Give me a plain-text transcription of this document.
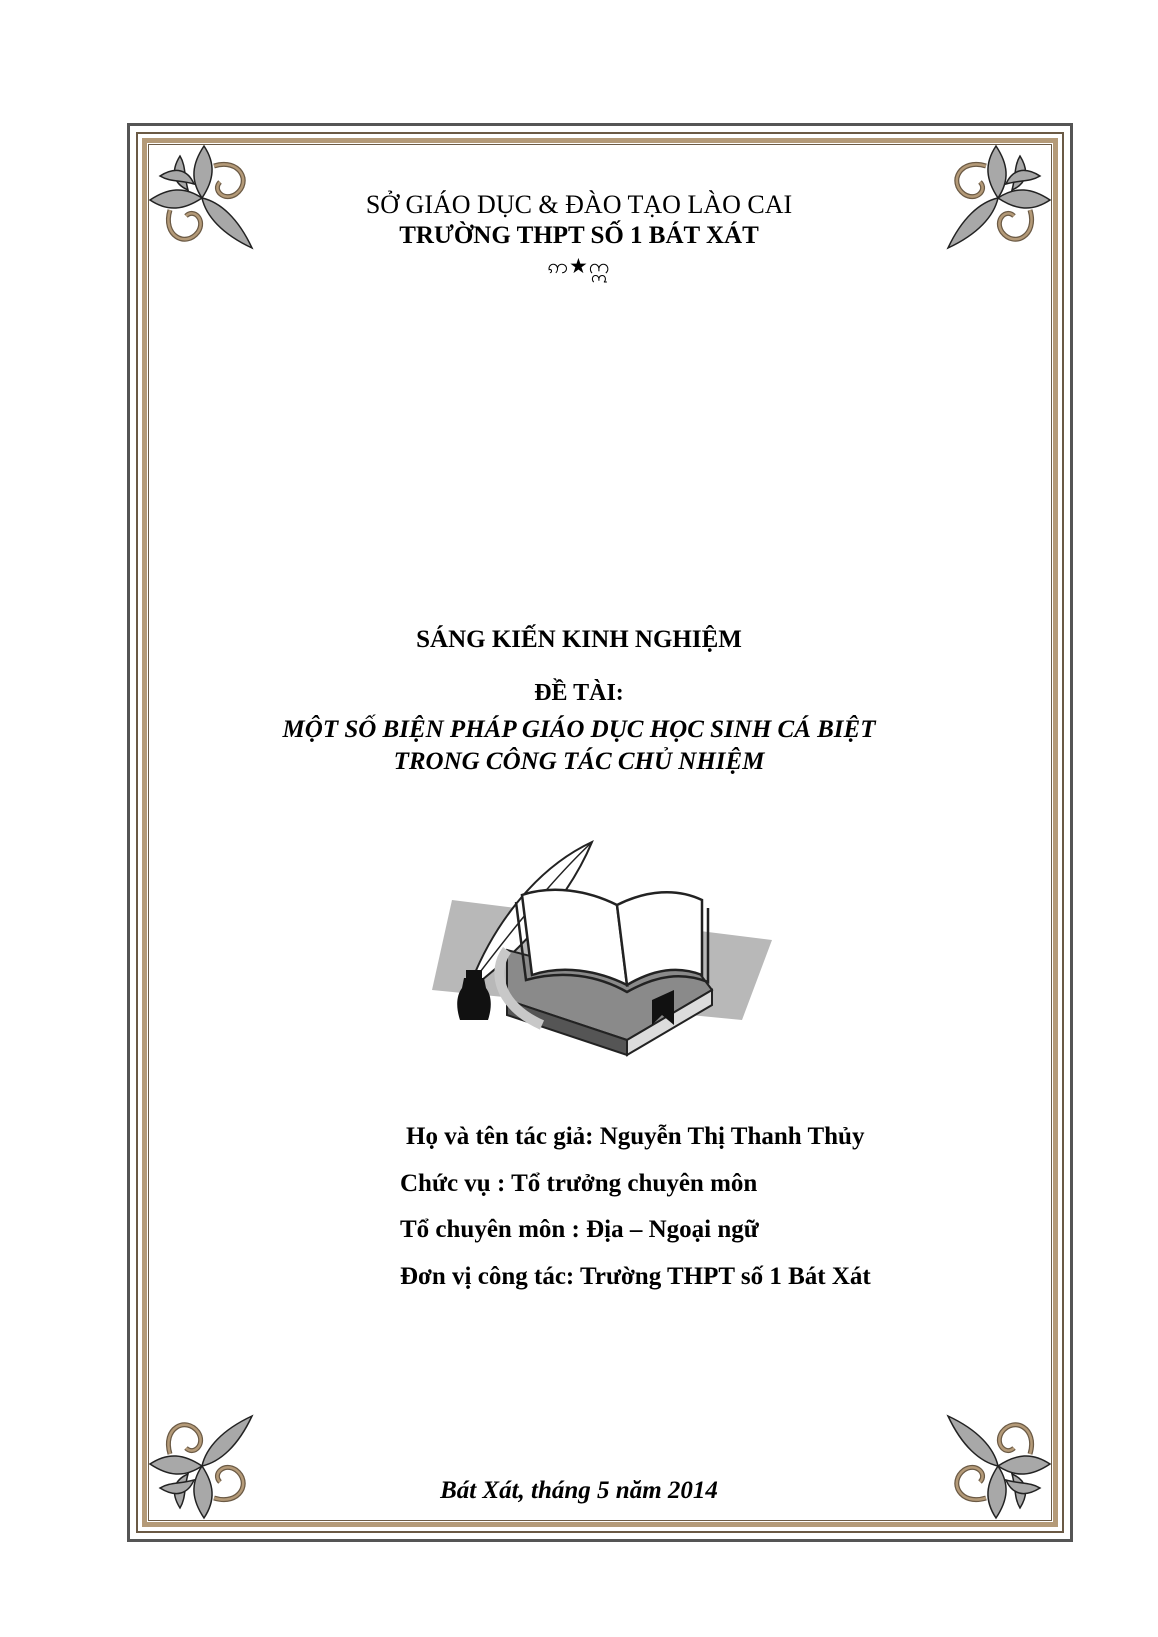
SỞ GIÁO DỤC & ĐÀO TẠO LÀO CAI
TRƯỜNG THPT SỐ 1 BÁT XÁT
ဢ★ဣ
SÁNG KIẾN KINH NGHIỆM
ĐỀ TÀI:
MỘT SỐ BIỆN PHÁP GIÁO DỤC HỌC SINH CÁ BIỆT
TRONG CÔNG TÁC CHỦ NHIỆM
Họ và tên tác giả: Nguyễn Thị Thanh Thủy
Chức vụ : Tổ trưởng chuyên môn
Tổ chuyên môn : Địa – Ngoại ngữ
Đơn vị công tác: Trường THPT số 1 Bát Xát
Bát Xát, tháng 5 năm 2014
